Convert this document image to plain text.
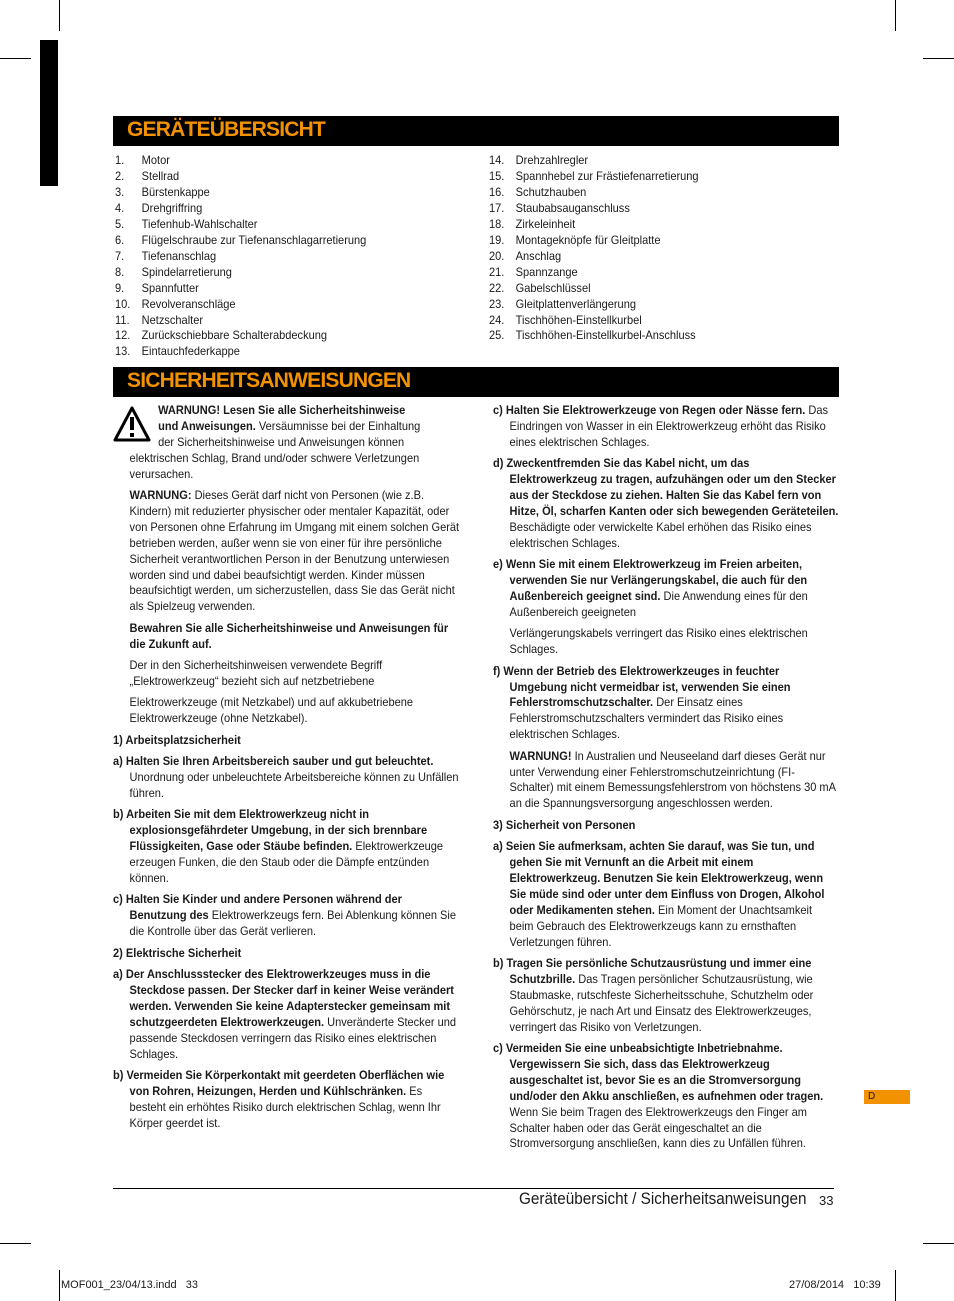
GERÄTEÜBERSICHT
1. Motor
2. Stellrad
3. Bürstenkappe
4. Drehgriffring
5. Tiefenhub-Wahlschalter
6. Flügelschraube zur Tiefenanschlagarretierung
7. Tiefenanschlag
8. Spindelarretierung
9. Spannfutter
10. Revolveranschläge
11. Netzschalter
12. Zurückschiebbare Schalterabdeckung
13. Eintauchfederkappe
14. Drehzahlregler
15. Spannhebel zur Frästiefenarretierung
16. Schutzhauben
17. Staubabsauganschluss
18. Zirkeleinheit
19. Montageknöpfe für Gleitplatte
20. Anschlag
21. Spannzange
22. Gabelschlüssel
23. Gleitplattenverlängerung
24. Tischhöhen-Einstellkurbel
25. Tischhöhen-Einstellkurbel-Anschluss
SICHERHEITSANWEISUNGEN
WARNUNG! Lesen Sie alle Sicherheitshinweise
und Anweisungen. Versäumnisse bei der Einhaltung
der Sicherheitshinweise und Anweisungen können

elektrischen Schlag, Brand und/oder schwere Verletzungen verursachen.

WARNUNG: Dieses Gerät darf nicht von Personen (wie z.B. Kindern) mit reduzierter physischer oder mentaler Kapazität, oder von Personen ohne Erfahrung im Umgang mit einem solchen Gerät betrieben werden, außer wenn sie von einer für ihre persönliche Sicherheit verantwortlichen Person in der Benutzung unterwiesen worden sind und dabei beaufsichtigt werden. Kinder müssen beaufsichtigt werden, um sicherzustellen, dass Sie das Gerät nicht als Spielzeug verwenden.

Bewahren Sie alle Sicherheitshinweise und Anweisungen für die Zukunft auf.

Der in den Sicherheitshinweisen verwendete Begriff „Elektrowerkzeug“ bezieht sich auf netzbetriebene

Elektrowerkzeuge (mit Netzkabel) und auf akkubetriebene Elektrowerkzeuge (ohne Netzkabel).

1) Arbeitsplatzsicherheit

a) Halten Sie Ihren Arbeitsbereich sauber und gut beleuchtet. Unordnung oder unbeleuchtete Arbeitsbereiche können zu Unfällen führen.

b) Arbeiten Sie mit dem Elektrowerkzeug nicht in explosionsgefährdeter Umgebung, in der sich brennbare Flüssigkeiten, Gase oder Stäube befinden. Elektrowerkzeuge erzeugen Funken, die den Staub oder die Dämpfe entzünden können.

c) Halten Sie Kinder und andere Personen während der Benutzung des Elektrowerkzeugs fern. Bei Ablenkung können Sie die Kontrolle über das Gerät verlieren.

2) Elektrische Sicherheit

a) Der Anschlussstecker des Elektrowerkzeuges muss in die Steckdose passen. Der Stecker darf in keiner Weise verändert werden. Verwenden Sie keine Adapterstecker gemeinsam mit schutzgeerdeten Elektrowerkzeugen. Unveränderte Stecker und passende Steckdosen verringern das Risiko eines elektrischen Schlages.

b) Vermeiden Sie Körperkontakt mit geerdeten Oberflächen wie von Rohren, Heizungen, Herden und Kühlschränken. Es besteht ein erhöhtes Risiko durch elektrischen Schlag, wenn Ihr Körper geerdet ist.

c) Halten Sie Elektrowerkzeuge von Regen oder Nässe fern. Das Eindringen von Wasser in ein Elektrowerkzeug erhöht das Risiko eines elektrischen Schlages.

d) Zweckentfremden Sie das Kabel nicht, um das Elektrowerkzeug zu tragen, aufzuhängen oder um den Stecker aus der Steckdose zu ziehen. Halten Sie das Kabel fern von Hitze, Öl, scharfen Kanten oder sich bewegenden Geräteteilen. Beschädigte oder verwickelte Kabel erhöhen das Risiko eines elektrischen Schlages.

e) Wenn Sie mit einem Elektrowerkzeug im Freien arbeiten, verwenden Sie nur Verlängerungskabel, die auch für den Außenbereich geeignet sind. Die Anwendung eines für den Außenbereich geeigneten

Verlängerungskabels verringert das Risiko eines elektrischen Schlages.

f) Wenn der Betrieb des Elektrowerkzeuges in feuchter Umgebung nicht vermeidbar ist, verwenden Sie einen Fehlerstromschutzschalter. Der Einsatz eines Fehlerstromschutzschalters vermindert das Risiko eines elektrischen Schlages.

WARNUNG! In Australien und Neuseeland darf dieses Gerät nur unter Verwendung einer Fehlerstromschutzeinrichtung (FI-Schalter) mit einem Bemessungsfehlerstrom von höchstens 30 mA an die Spannungsversorgung angeschlossen werden.

3) Sicherheit von Personen

a) Seien Sie aufmerksam, achten Sie darauf, was Sie tun, und gehen Sie mit Vernunft an die Arbeit mit einem Elektrowerkzeug. Benutzen Sie kein Elektrowerkzeug, wenn Sie müde sind oder unter dem Einfluss von Drogen, Alkohol oder Medikamenten stehen. Ein Moment der Unachtsamkeit beim Gebrauch des Elektrowerkzeugs kann zu ernsthaften Verletzungen führen.

b) Tragen Sie persönliche Schutzausrüstung und immer eine Schutzbrille. Das Tragen persönlicher Schutzausrüstung, wie Staubmaske, rutschfeste Sicherheitsschuhe, Schutzhelm oder Gehörschutz, je nach Art und Einsatz des Elektrowerkzeuges, verringert das Risiko von Verletzungen.

c) Vermeiden Sie eine unbeabsichtigte Inbetriebnahme. Vergewissern Sie sich, dass das Elektrowerkzeug ausgeschaltet ist, bevor Sie es an die Stromversorgung und/oder den Akku anschließen, es aufnehmen oder tragen. Wenn Sie beim Tragen des Elektrowerkzeugs den Finger am Schalter haben oder das Gerät eingeschaltet an die Stromversorgung anschließen, kann dies zu Unfällen führen.

D
Geräteübersicht / Sicherheitsanweisungen 33
MOF001_23/04/13.indd   33	27/08/2014   10:39
